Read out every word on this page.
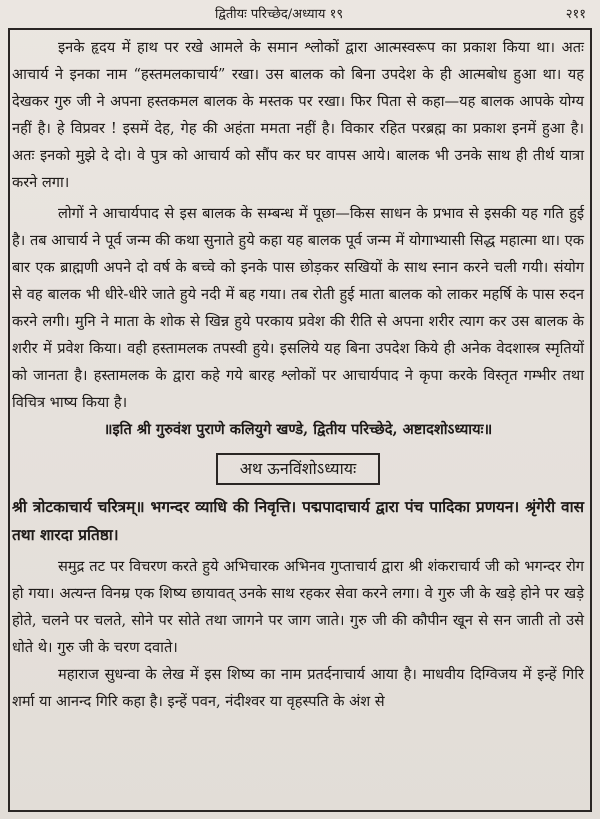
द्वितीयः परिच्छेद/अध्याय १९	२११

इनके हृदय में हाथ पर रखे आमले के समान श्लोकों द्वारा आत्मस्वरूप का प्रकाश किया था। अतः आचार्य ने इनका नाम “हस्तमलकाचार्य” रखा। उस बालक को बिना उपदेश के ही आत्मबोध हुआ था। यह देखकर गुरु जी ने अपना हस्तकमल बालक के मस्तक पर रखा। फिर पिता से कहा—यह बालक आपके योग्य नहीं है। हे विप्रवर ! इसमें देह, गेह की अहंता ममता नहीं है। विकार रहित परब्रह्म का प्रकाश इनमें हुआ है। अतः इनको मुझे दे दो। वे पुत्र को आचार्य को सौंप कर घर वापस आये। बालक भी उनके साथ ही तीर्थ यात्रा करने लगा।

लोगों ने आचार्यपाद से इस बालक के सम्बन्ध में पूछा—किस साधन के प्रभाव से इसकी यह गति हुई है। तब आचार्य ने पूर्व जन्म की कथा सुनाते हुये कहा यह बालक पूर्व जन्म में योगाभ्यासी सिद्ध महात्मा था। एक बार एक ब्राह्मणी अपने दो वर्ष के बच्चे को इनके पास छोड़कर सखियों के साथ स्नान करने चली गयी। संयोग से वह बालक भी धीरे-धीरे जाते हुये नदी में बह गया। तब रोती हुई माता बालक को लाकर महर्षि के पास रुदन करने लगी। मुनि ने माता के शोक से खिन्न हुये परकाय प्रवेश की रीति से अपना शरीर त्याग कर उस बालक के शरीर में प्रवेश किया। वही हस्तामलक तपस्वी हुये। इसलिये यह बिना उपदेश किये ही अनेक वेदशास्त्र स्मृतियों को जानता है। हस्तामलक के द्वारा कहे गये बारह श्लोकों पर आचार्यपाद ने कृपा करके विस्तृत गम्भीर तथा विचित्र भाष्य किया है।

॥इति श्री गुरुवंश पुराणे कलियुगे खण्डे, द्वितीय परिच्छेदे, अष्टादशोऽध्यायः॥

अथ ऊनविंशोऽध्यायः

श्री त्रोटकाचार्य चरित्रम्॥ भगन्दर व्याधि की निवृत्ति। पद्मपादाचार्य द्वारा पंच पादिका प्रणयन। श्रृंगेरी वास तथा शारदा प्रतिष्ठा।

समुद्र तट पर विचरण करते हुये अभिचारक अभिनव गुप्ताचार्य द्वारा श्री शंकराचार्य जी को भगन्दर रोग हो गया। अत्यन्त विनम्र एक शिष्य छायावत् उनके साथ रहकर सेवा करने लगा। वे गुरु जी के खड़े होने पर खड़े होते, चलने पर चलते, सोने पर सोते तथा जागने पर जाग जाते। गुरु जी की कौपीन खून से सन जाती तो उसे धोते थे। गुरु जी के चरण दवाते।

महाराज सुधन्वा के लेख में इस शिष्य का नाम प्रतर्दनाचार्य आया है। माधवीय दिग्विजय में इन्हें गिरि शर्मा या आनन्द गिरि कहा है। इन्हें पवन, नंदीश्वर या वृहस्पति के अंश से
